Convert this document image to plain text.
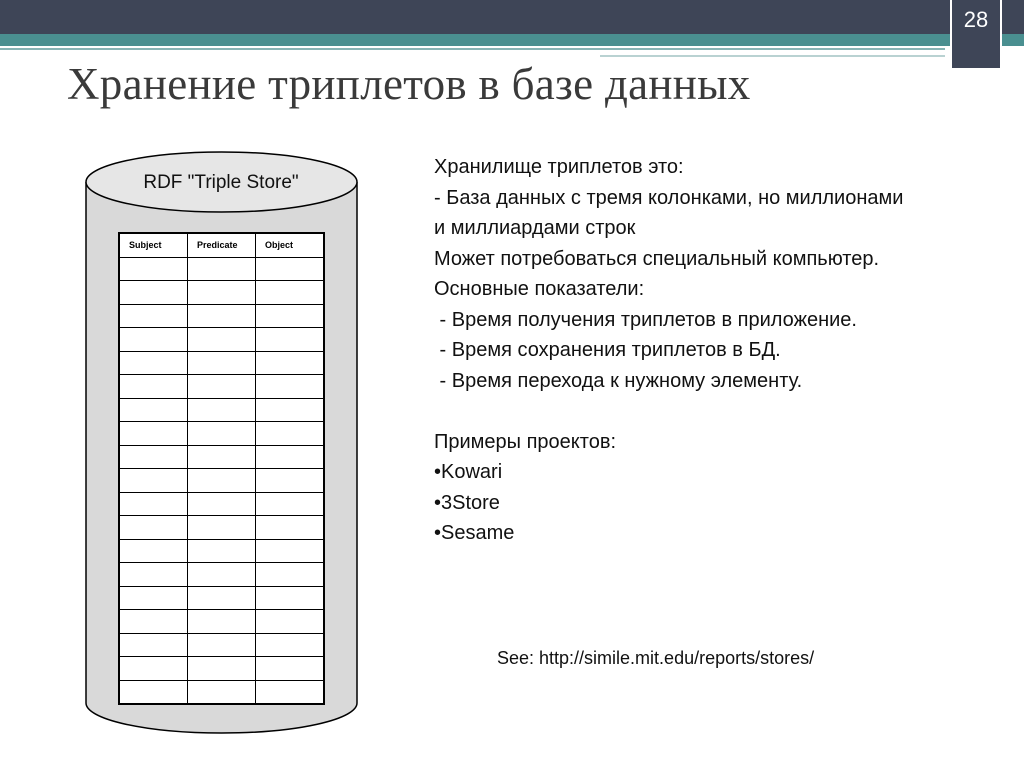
28
Хранение триплетов в базе данных
RDF "Triple Store"
Subject	Predicate	Object

Хранилище триплетов это:
- База данных с тремя колонками, но миллионами
и миллиардами строк
Может потребоваться специальный компьютер.
Основные показатели:
- Время получения триплетов в приложение.
- Время сохранения триплетов в БД.
- Время перехода к нужному элементу.

Примеры проектов:
•Kowari
•3Store
•Sesame
See: http://simile.mit.edu/reports/stores/
